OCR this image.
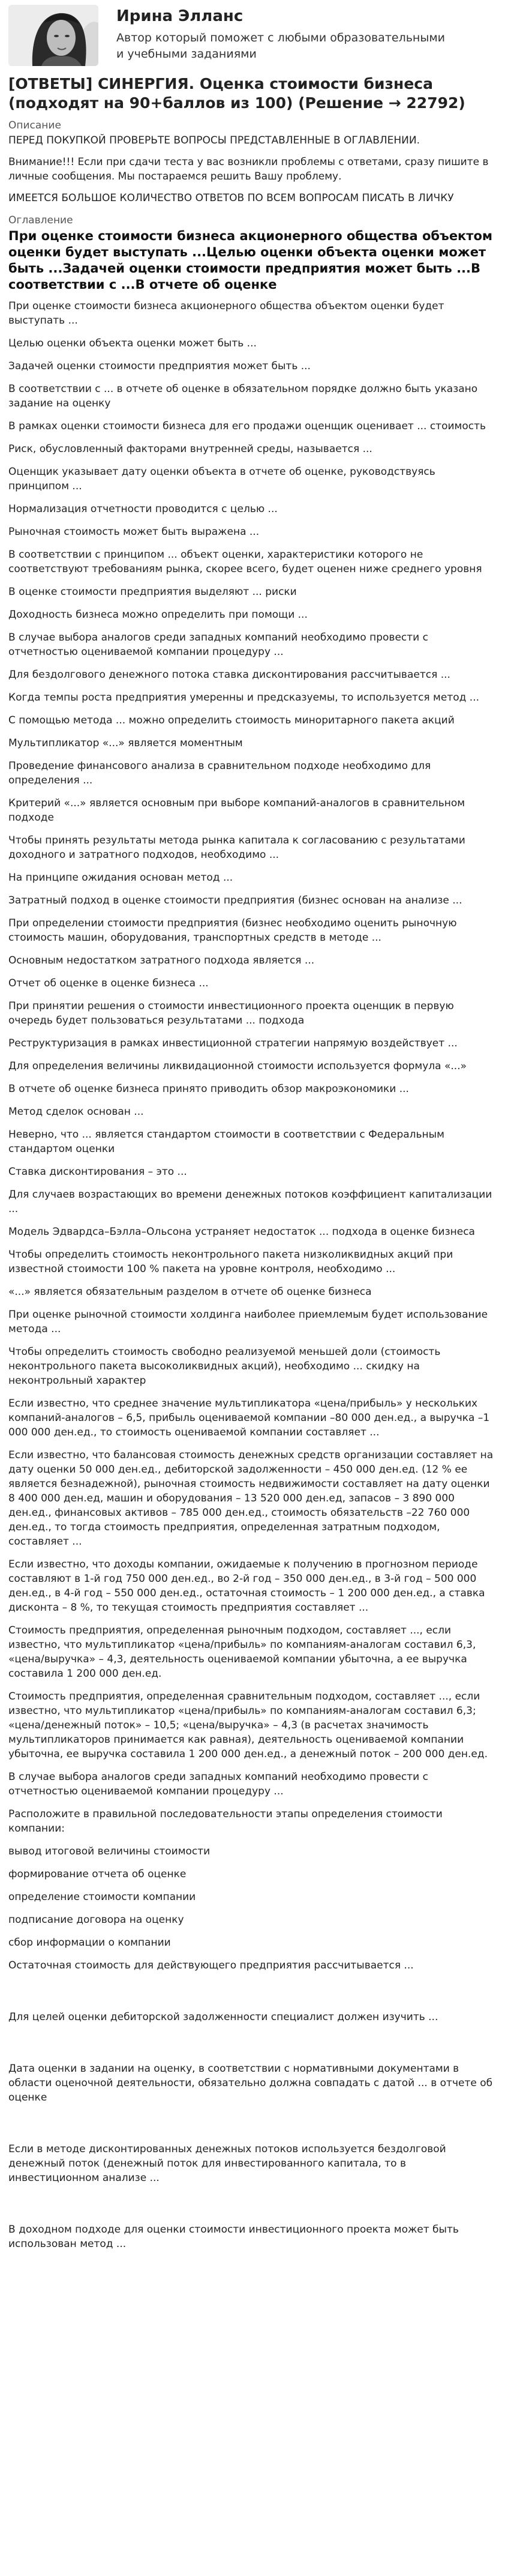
Ирина Элланс

Автор который поможет с любыми образовательными и учебными заданиями

[ОТВЕТЫ] СИНЕРГИЯ. Оценка стоимости бизнеса (подходят на 90+баллов из 100) (Решение → 22792)

Описание

ПЕРЕД ПОКУПКОЙ ПРОВЕРЬТЕ ВОПРОСЫ ПРЕДСТАВЛЕННЫЕ В ОГЛАВЛЕНИИ.

Внимание!!! Если при сдачи теста у вас возникли проблемы с ответами, сразу пишите в личные сообщения. Мы постараемся решить Вашу проблему.

ИМЕЕТСЯ БОЛЬШОЕ КОЛИЧЕСТВО ОТВЕТОВ ПО ВСЕМ ВОПРОСАМ ПИСАТЬ В ЛИЧКУ

Оглавление

При оценке стоимости бизнеса акционерного общества объектом оценки будет выступать ...Целью оценки объекта оценки может быть ...Задачей оценки стоимости предприятия может быть ...В соответствии с ...В отчете об оценке

При оценке стоимости бизнеса акционерного общества объектом оценки будет выступать ...

Целью оценки объекта оценки может быть ...

Задачей оценки стоимости предприятия может быть ...

В соответствии с ... в отчете об оценке в обязательном порядке должно быть указано задание на оценку

В рамках оценки стоимости бизнеса для его продажи оценщик оценивает ... стоимость

Риск, обусловленный факторами внутренней среды, называется ...

Оценщик указывает дату оценки объекта в отчете об оценке, руководствуясь принципом ...

Нормализация отчетности проводится с целью ...

Рыночная стоимость может быть выражена ...

В соответствии с принципом ... объект оценки, характеристики которого не соответствуют требованиям рынка, скорее всего, будет оценен ниже среднего уровня

В оценке стоимости предприятия выделяют ... риски

Доходность бизнеса можно определить при помощи ...

В случае выбора аналогов среди западных компаний необходимо провести с отчетностью оцениваемой компании процедуру ...

Для бездолгового денежного потока ставка дисконтирования рассчитывается ...

Когда темпы роста предприятия умеренны и предсказуемы, то используется метод ...

С помощью метода ... можно определить стоимость миноритарного пакета акций

Мультипликатор «...» является моментным

Проведение финансового анализа в сравнительном подходе необходимо для определения ...

Критерий «...» является основным при выборе компаний-аналогов в сравнительном подходе

Чтобы принять результаты метода рынка капитала к согласованию с результатами доходного и затратного подходов, необходимо ...

На принципе ожидания основан метод ...

Затратный подход в оценке стоимости предприятия (бизнес основан на анализе ...

При определении стоимости предприятия (бизнес необходимо оценить рыночную стоимость машин, оборудования, транспортных средств в методе ...

Основным недостатком затратного подхода является ...

Отчет об оценке в оценке бизнеса ...

При принятии решения о стоимости инвестиционного проекта оценщик в первую очередь будет пользоваться результатами ... подхода

Реструктуризация в рамках инвестиционной стратегии напрямую воздействует ...

Для определения величины ликвидационной стоимости используется формула «...»

В отчете об оценке бизнеса принято приводить обзор макроэкономики ...

Метод сделок основан ...

Неверно, что ... является стандартом стоимости в соответствии с Федеральным стандартом оценки

Ставка дисконтирования – это ...

Для случаев возрастающих во времени денежных потоков коэффициент капитализации ...

Модель Эдвардса–Бэлла–Ольсона устраняет недостаток ... подхода в оценке бизнеса

Чтобы определить стоимость неконтрольного пакета низколиквидных акций при известной стоимости 100 % пакета на уровне контроля, необходимо ...

«...» является обязательным разделом в отчете об оценке бизнеса

При оценке рыночной стоимости холдинга наиболее приемлемым будет использование метода ...

Чтобы определить стоимость свободно реализуемой меньшей доли (стоимость неконтрольного пакета высоколиквидных акций), необходимо ... скидку на неконтрольный характер

Если известно, что среднее значение мультипликатора «цена/прибыль» у нескольких компаний-аналогов – 6,5, прибыль оцениваемой компании –80 000 ден.ед., а выручка –1 000 000 ден.ед., то стоимость оцениваемой компании составляет ...

Если известно, что балансовая стоимость денежных средств организации составляет на дату оценки 50 000 ден.ед., дебиторской задолженности – 450 000 ден.ед. (12 % ее является безнадежной), рыночная стоимость недвижимости составляет на дату оценки 8 400 000 ден.ед, машин и оборудования – 13 520 000 ден.ед, запасов – 3 890 000 ден.ед., финансовых активов – 785 000 ден.ед., стоимость обязательств –22 760 000 ден.ед., то тогда стоимость предприятия, определенная затратным подходом, составляет ...

Если известно, что доходы компании, ожидаемые к получению в прогнозном периоде составляют в 1-й год 750 000 ден.ед., во 2-й год – 350 000 ден.ед., в 3-й год – 500 000 ден.ед., в 4-й год – 550 000 ден.ед., остаточная стоимость – 1 200 000 ден.ед., а ставка дисконта – 8 %, то текущая стоимость предприятия составляет ...

Стоимость предприятия, определенная рыночным подходом, составляет ..., если известно, что мультипликатор «цена/прибыль» по компаниям-аналогам составил 6,3, «цена/выручка» – 4,3, деятельность оцениваемой компании убыточна, а ее выручка составила 1 200 000 ден.ед.

Стоимость предприятия, определенная сравнительным подходом, составляет ..., если известно, что мультипликатор «цена/прибыль» по компаниям-аналогам составил 6,3; «цена/денежный поток» – 10,5; «цена/выручка» – 4,3 (в расчетах значимость мультипликаторов принимается как равная), деятельность оцениваемой компании убыточна, ее выручка составила 1 200 000 ден.ед., а денежный поток – 200 000 ден.ед.

В случае выбора аналогов среди западных компаний необходимо провести с отчетностью оцениваемой компании процедуру ...

Расположите в правильной последовательности этапы определения стоимости компании:

вывод итоговой величины стоимости

формирование отчета об оценке

определение стоимости компании

подписание договора на оценку

сбор информации о компании

Остаточная стоимость для действующего предприятия рассчитывается ...

Для целей оценки дебиторской задолженности специалист должен изучить ...

Дата оценки в задании на оценку, в соответствии с нормативными документами в области оценочной деятельности, обязательно должна совпадать с датой ... в отчете об оценке

Если в методе дисконтированных денежных потоков используется бездолговой денежный поток (денежный поток для инвестированного капитала, то в инвестиционном анализе ...

В доходном подходе для оценки стоимости инвестиционного проекта может быть использован метод ...
